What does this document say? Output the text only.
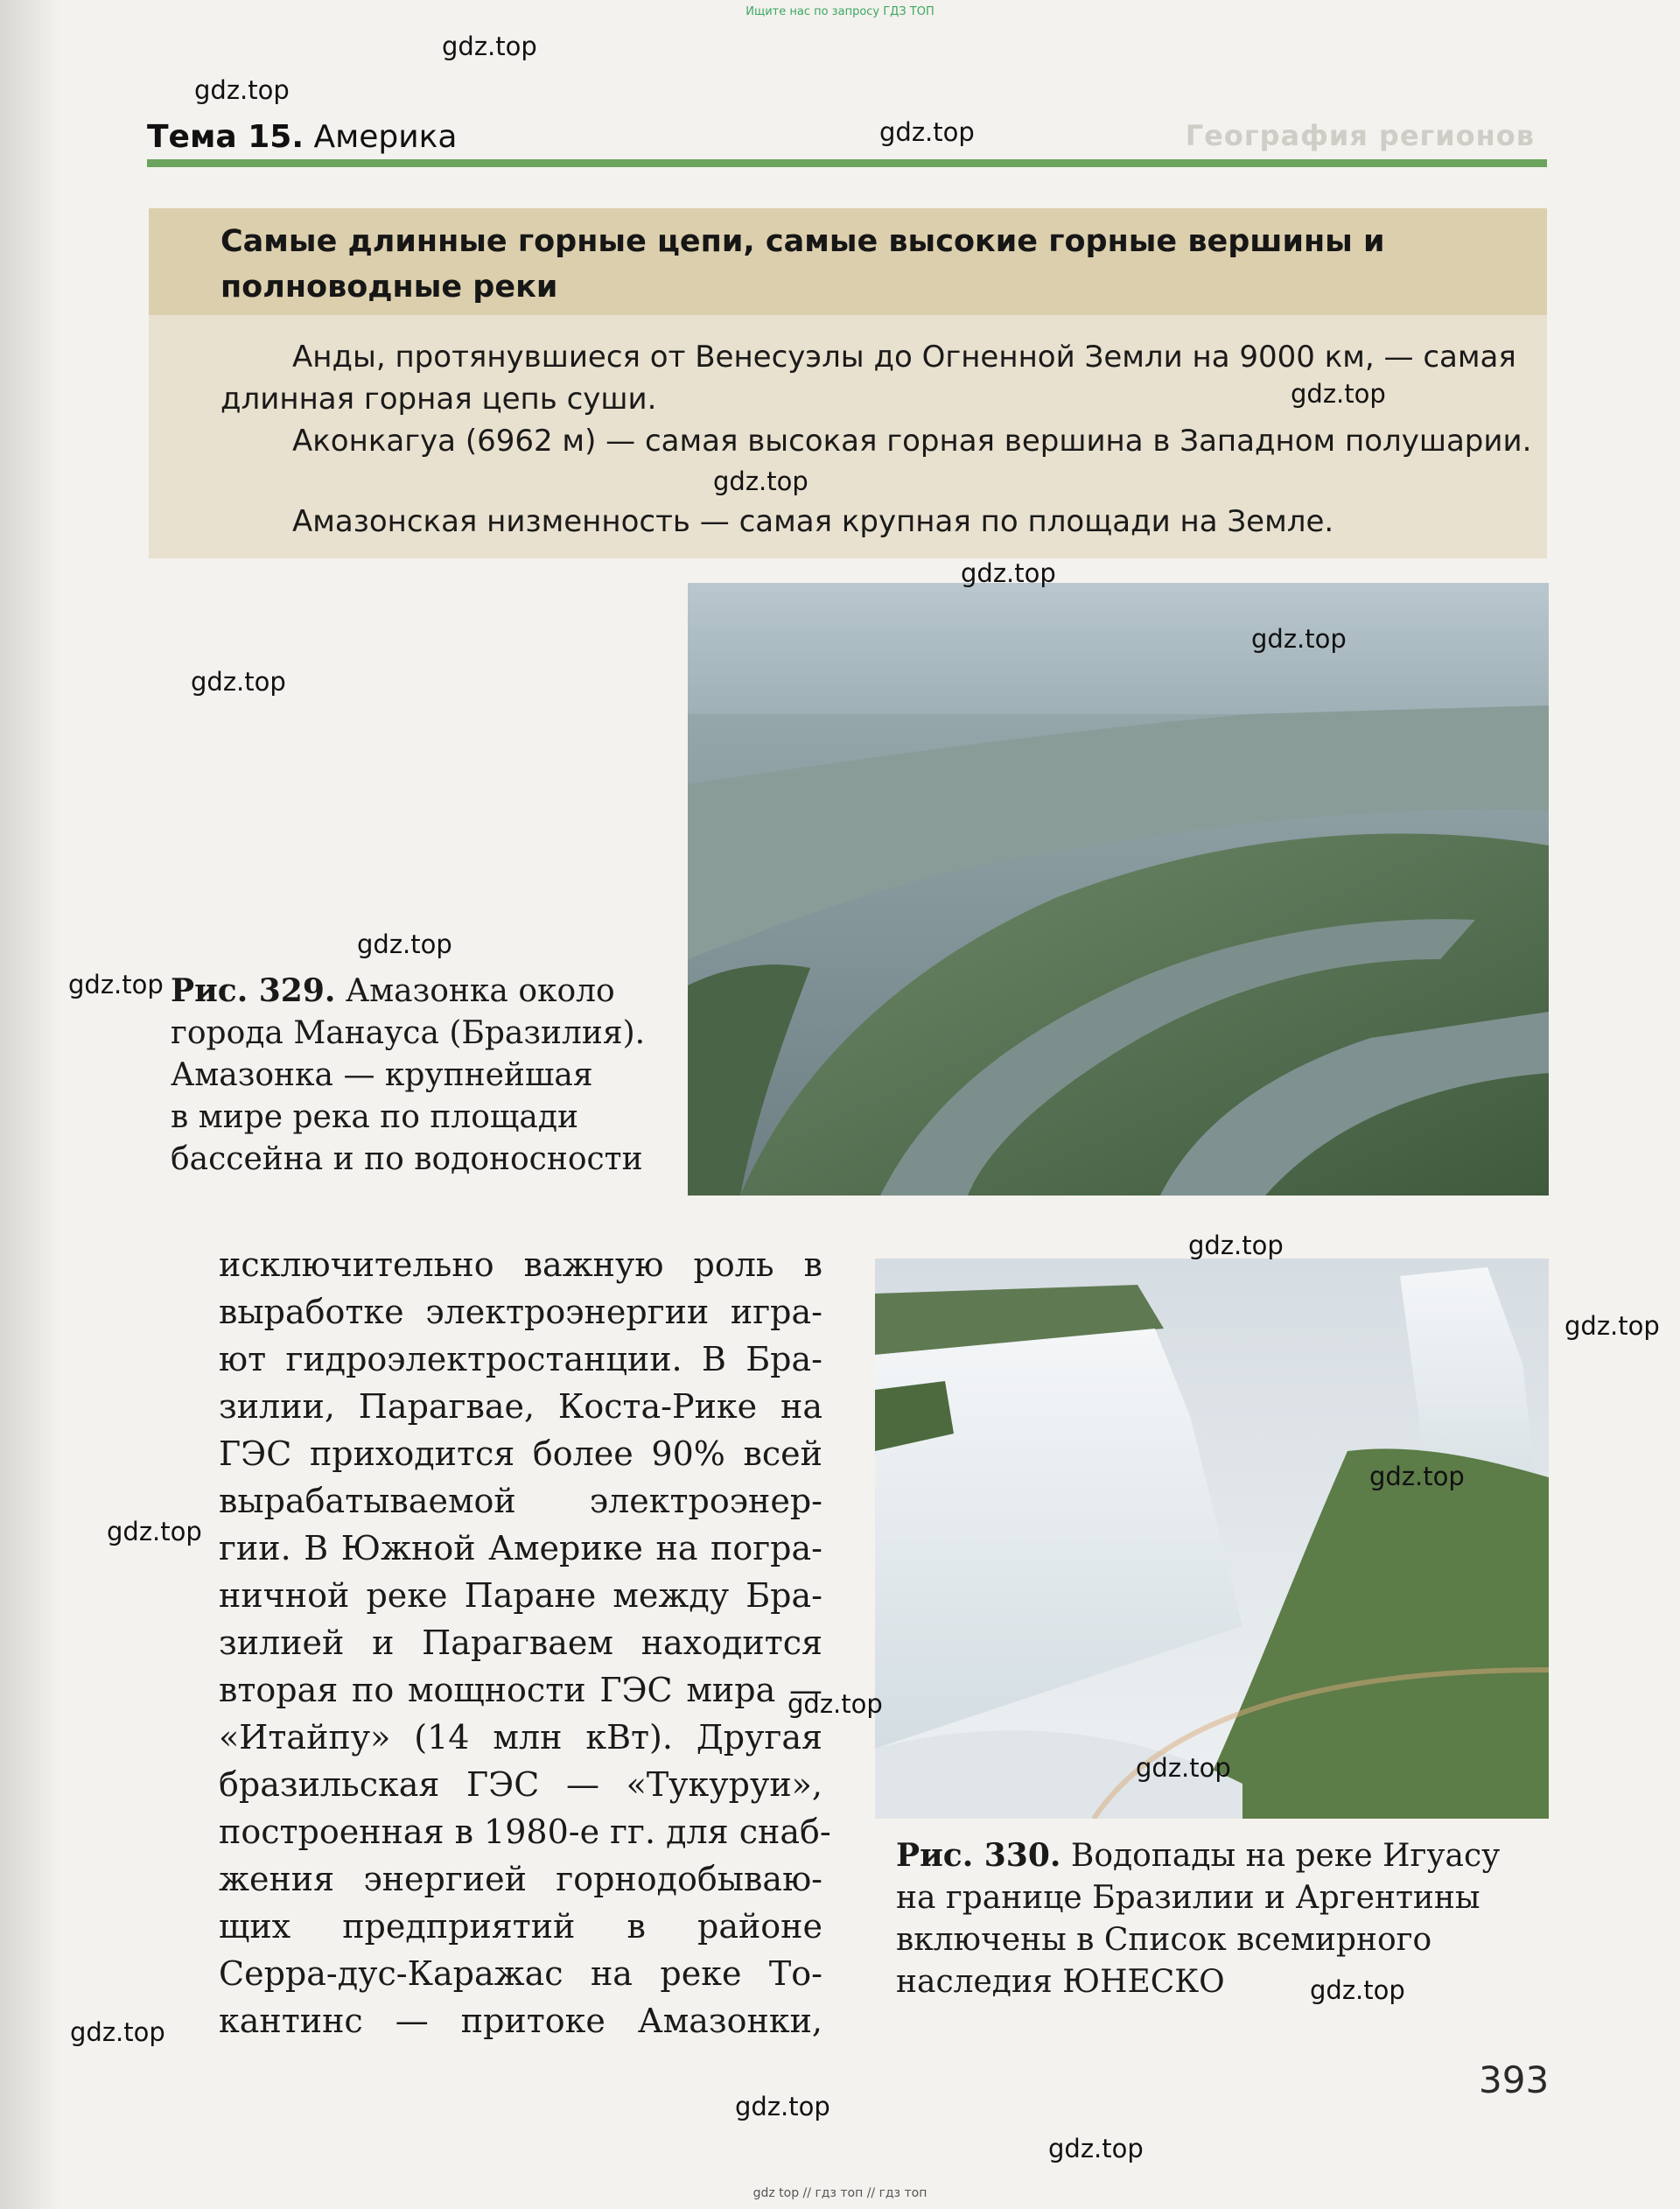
Ищите нас по запросу ГДЗ ТОП
Тема 15. Америка	География регионов
Самые длинные горные цепи, самые высокие горные вершины и полноводные реки
Анды, протянувшиеся от Венесуэлы до Огненной Земли на 9000 км, — самая длинная горная цепь суши.
Аконкагуа (6962 м) — самая высокая горная вершина в Западном полушарии.
Амазонская низменность — самая крупная по площади на Земле.
Рис. 329. Амазонка около
города Манауса (Бразилия).
Амазонка — крупнейшая
в мире река по площади
бассейна и по водоносности
Рис. 330. Водопады на реке Игуасу
на границе Бразилии и Аргентины
включены в Список всемирного
наследия ЮНЕСКО
исключительно важную роль в
выработке электроэнергии игра-
ют гидроэлектростанции. В Бра-
зилии, Парагвае, Коста-Рике на
ГЭС приходится более 90% всей
вырабатываемой электроэнер-
гии. В Южной Америке на погра-
ничной реке Паране между Бра-
зилией и Парагваем находится
вторая по мощности ГЭС мира —
«Итайпу» (14 млн кВт). Другая
бразильская ГЭС — «Тукуруи»,
построенная в 1980-е гг. для снаб-
жения энергией горнодобываю-
щих предприятий в районе
Серра-дус-Каражас на реке То-
кантинс — притоке Амазонки,
393
gdz.top
gdz.top
gdz.top
gdz.top
gdz.top
gdz.top
gdz.top
gdz.top
gdz.top
gdz.top
gdz.top
gdz.top
gdz.top
gdz.top
gdz.top
gdz.top
gdz.top
gdz.top
gdz.top
gdz.top
gdz top // гдз топ // гдз топ
